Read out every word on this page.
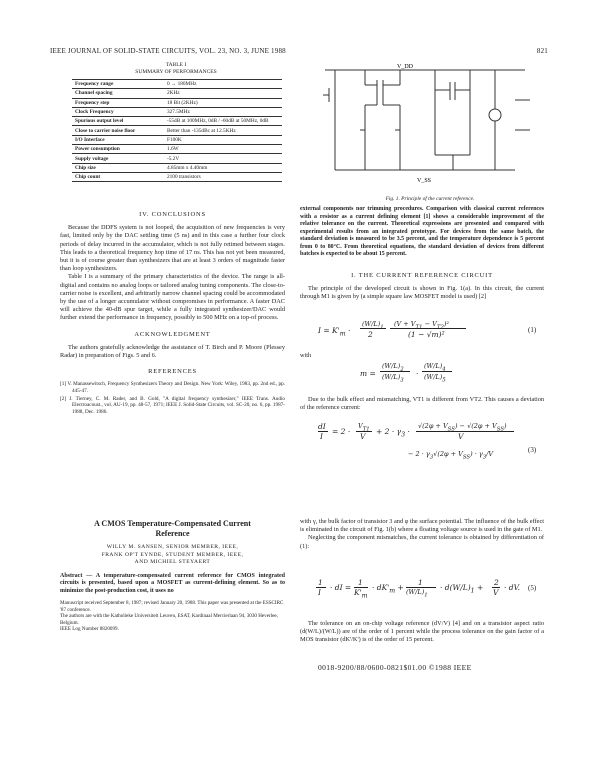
IEEE JOURNAL OF SOLID-STATE CIRCUITS, VOL. 23, NO. 3, JUNE 1988	821
TABLE I
SUMMARY OF PERFORMANCES
Frequency range	0 → 180MHz
Channel spacing	2KHz
Frequency step	18 Bit (2KHz)
Clock Frequency	327.5MHz
Spurious output level	-55dB at 100MHz, 0dB / -60dB at 50MHz, 0dB
Close to carrier noise floor	Better than -135dBc at 12.5KHz
I/O Interface	F100K
Power consumption	1.6W
Supply voltage	-5.2V
Chip size	4.85mm x 4.40mm
Chip count	2100 transistors
IV. CONCLUSIONS

Because the DDFS system is not looped, the acquisition of new frequencies is very fast, limited only by the DAC settling time (5 ns) and in this case a further four clock periods of delay incurred in the accumulator, which is not fully retimed between stages. This leads to a theoretical frequency hop time of 17 ns. This has not yet been measured, but it is of course greater than synthesizers that are at least 3 orders of magnitude faster than loop synthesizers.

Table I is a summary of the primary characteristics of the device. The range is all-digital and contains no analog loops or tailored analog tuning components. The close-to-carrier noise is excellent, and arbitrarily narrow channel spacing could be accommodated by the use of a longer accumulator without compromises in performance. A faster DAC will achieve the 40-dB spur target, while a fully integrated synthesizer/DAC would further extend the performance in frequency, possibly to 500 MHz on a top-of process.

ACKNOWLEDGMENT

The authors gratefully acknowledge the assistance of T. Birch and P. Moore (Plessey Radar) in preparation of Figs. 5 and 6.

REFERENCES
[1] V. Manassewitsch, Frequency Synthesizers Theory and Design. New York: Wiley, 1983, pp. 2nd ed., pp. 445-47.
[2] J. Tierney, C. M. Rader, and B. Gold, "A digital frequency synthesizer," IEEE Trans. Audio Electroacoust., vol. AU-19, pp. 48-57, 1971; IEEE J. Solid-State Circuits, vol. SC-20, no. 6, pp. 1987-1988, Dec. 1986.
A CMOS Temperature-Compensated Current Reference
WILLY M. SANSEN, SENIOR MEMBER, IEEE,
FRANK OP'T EYNDE, STUDENT MEMBER, IEEE,
AND MICHIEL STEYAERT
Abstract — A temperature-compensated current reference for CMOS integrated circuits is presented, based upon a MOSFET as current-defining element. So as to minimize the post-production cost, it uses no
Manuscript received September 8, 1987; revised January 20, 1988. This paper was presented at the ESSCIRC '87 conference.
The authors are with the Katholieke Universiteit Leuven, ESAT, Kardinaal Mercierlaan 94, 3030 Heverlee, Belgium.
IEEE Log Number 8820099.
V_DD
V_SS
Fig. 1. Principle of the current reference.
external components nor trimming procedures. Comparison with classical current references with a resistor as a current defining element [1] shows a considerable improvement of the relative tolerance on the current. Theoretical expressions are presented and compared with experimental results from an integrated prototype. For devices from the same batch, the standard deviation is measured to be 3.5 percent, and the temperature dependence is 5 percent from 0 to 80°C. From theoretical equations, the standard deviation of devices from different batches is expected to be about 15 percent.
I. THE CURRENT REFERENCE CIRCUIT

The principle of the developed circuit is shown in Fig. 1(a). In this circuit, the current through M1 is given by (a simple square law MOSFET model is used) [2]

$I = K'_m$ ·
$(W/L)_1$
2
$(V + V_{T1} - V_{T2})^2$
(1 − √m)²	(1)
with
m =
$(W/L)_2$
$(W/L)_3$
·
$(W/L)_4$
$(W/L)_5$

Due to the bulk effect and mismatching, VT1 is different from VT2. This causes a deviation of the reference current:

dI
I
= 2 ·
$V_{T1}$
V
+ $2 \cdot \gamma_3$ ·
$√(2\varphi + V_{SS}) - √(2\varphi + V_{SS})$
V
− $2 \cdot \gamma_3√(2\varphi + V_{SS}) \cdot \gamma_3/V$	(3)

with γ, the bulk factor of transistor 3 and φ the surface potential. The influence of the bulk effect is eliminated in the circuit of Fig. 1(b) where a floating voltage source is used in the gate of M1.

Neglecting the component mismatches, the current tolerance is obtained by differentiation of (1):

1
I
· dI =
1
$K'_m$
· $dK'_m$ +
1
$(W/L)_1$
· $d(W/L)_1$ +
2
V
· dV. (5)

The tolerance on an on-chip voltage reference (dV/V) [4] and on a transistor aspect ratio (d(W/L)/(W/L)) are of the order of 1 percent while the process tolerance on the gain factor of a MOS transistor (dK'/K') is of the order of 15 percent.

0018-9200/88/0600-0821$01.00 ©1988 IEEE
